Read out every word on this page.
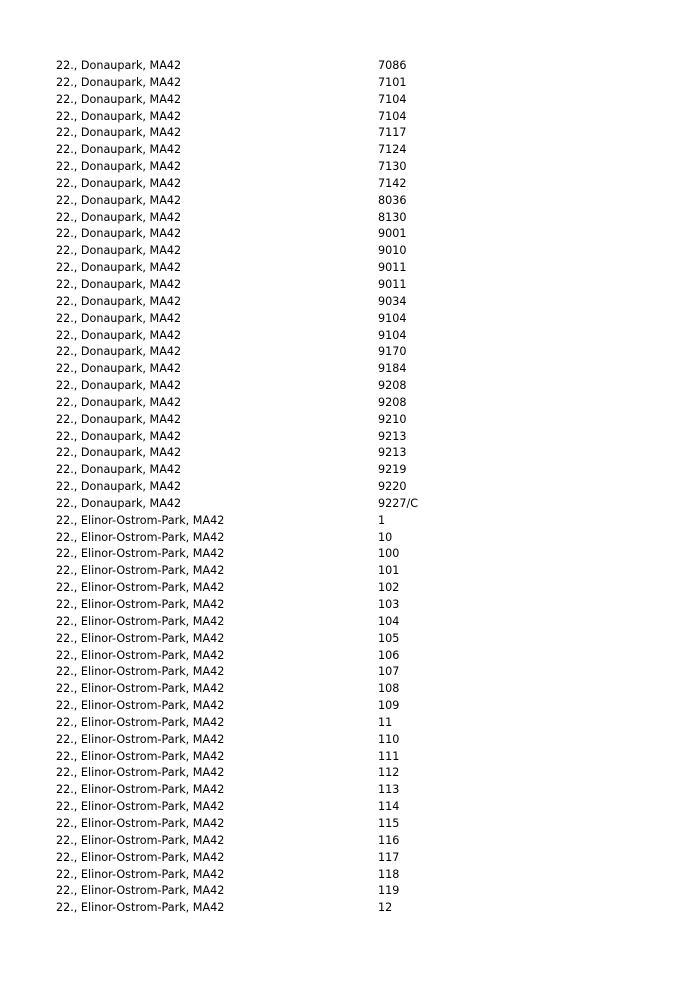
22., Donaupark, MA42	7086
22., Donaupark, MA42	7101
22., Donaupark, MA42	7104
22., Donaupark, MA42	7104
22., Donaupark, MA42	7117
22., Donaupark, MA42	7124
22., Donaupark, MA42	7130
22., Donaupark, MA42	7142
22., Donaupark, MA42	8036
22., Donaupark, MA42	8130
22., Donaupark, MA42	9001
22., Donaupark, MA42	9010
22., Donaupark, MA42	9011
22., Donaupark, MA42	9011
22., Donaupark, MA42	9034
22., Donaupark, MA42	9104
22., Donaupark, MA42	9104
22., Donaupark, MA42	9170
22., Donaupark, MA42	9184
22., Donaupark, MA42	9208
22., Donaupark, MA42	9208
22., Donaupark, MA42	9210
22., Donaupark, MA42	9213
22., Donaupark, MA42	9213
22., Donaupark, MA42	9219
22., Donaupark, MA42	9220
22., Donaupark, MA42	9227/C
22., Elinor-Ostrom-Park, MA42	1
22., Elinor-Ostrom-Park, MA42	10
22., Elinor-Ostrom-Park, MA42	100
22., Elinor-Ostrom-Park, MA42	101
22., Elinor-Ostrom-Park, MA42	102
22., Elinor-Ostrom-Park, MA42	103
22., Elinor-Ostrom-Park, MA42	104
22., Elinor-Ostrom-Park, MA42	105
22., Elinor-Ostrom-Park, MA42	106
22., Elinor-Ostrom-Park, MA42	107
22., Elinor-Ostrom-Park, MA42	108
22., Elinor-Ostrom-Park, MA42	109
22., Elinor-Ostrom-Park, MA42	11
22., Elinor-Ostrom-Park, MA42	110
22., Elinor-Ostrom-Park, MA42	111
22., Elinor-Ostrom-Park, MA42	112
22., Elinor-Ostrom-Park, MA42	113
22., Elinor-Ostrom-Park, MA42	114
22., Elinor-Ostrom-Park, MA42	115
22., Elinor-Ostrom-Park, MA42	116
22., Elinor-Ostrom-Park, MA42	117
22., Elinor-Ostrom-Park, MA42	118
22., Elinor-Ostrom-Park, MA42	119
22., Elinor-Ostrom-Park, MA42	12
